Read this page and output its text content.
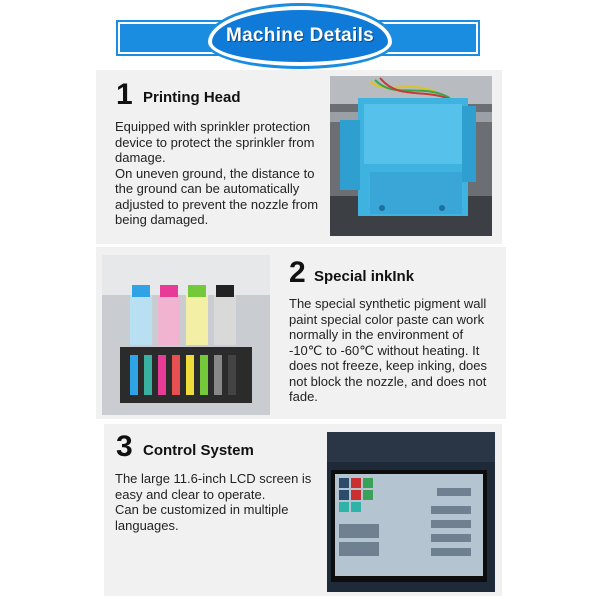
Machine Details
1 Printing Head

Equipped with sprinkler protection device to protect the sprinkler from damage.

On uneven ground, the distance to the ground can be automatically adjusted to prevent the nozzle from being damaged.

2 Special inkInk

The special synthetic pigment wall paint special color paste can work normally in the environment of -10℃ to -60℃ without heating. It does not freeze, keep inking, does not block the nozzle, and does not fade.

3 Control System

The large 11.6-inch LCD screen is easy and clear to operate.

Can be customized in multiple languages.
